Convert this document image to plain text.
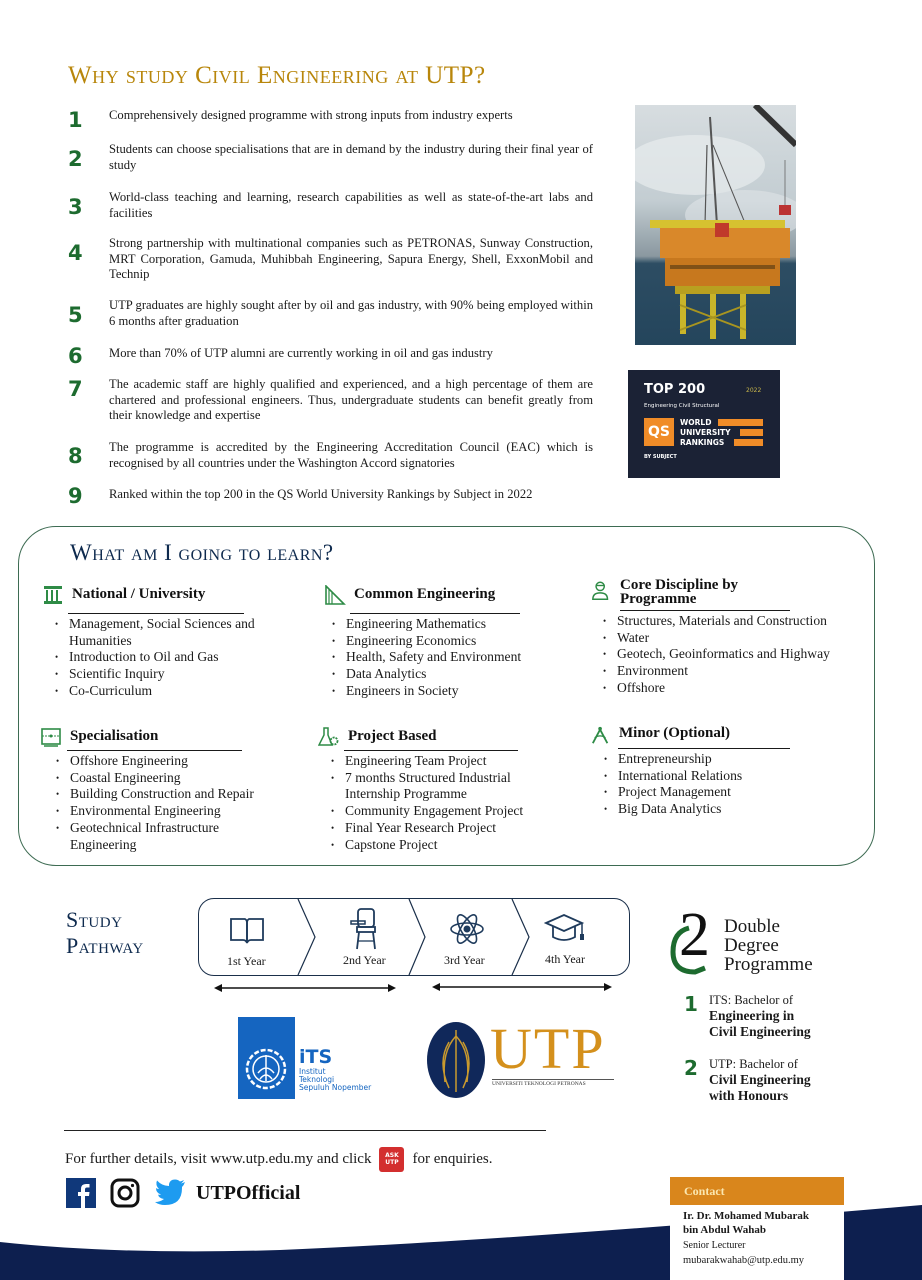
Why study Civil Engineering at UTP?
1	Comprehensively designed programme with strong inputs from industry experts
2	Students can choose specialisations that are in demand by the industry during their final year of study
3	World-class teaching and learning, research capabilities as well as state-of-the-art labs and facilities
4	Strong partnership with multinational companies such as PETRONAS, Sunway Construction, MRT Corporation, Gamuda, Muhibbah Engineering, Sapura Energy, Shell, ExxonMobil and Technip
5	UTP graduates are highly sought after by oil and gas industry, with 90% being employed within 6 months after graduation
6	More than 70% of UTP alumni are currently working in oil and gas industry
7	The academic staff are highly qualified and experienced, and a high percentage of them are chartered and professional engineers. Thus, undergraduate students can benefit greatly from their knowledge and expertise
8	The programme is accredited by the Engineering Accreditation Council (EAC) which is recognised by all countries under the Washington Accord signatories
9	Ranked within the top 200 in the QS World University Rankings by Subject in 2022
TOP 200	2022
Engineering Civil Structural
QS
WORLD
UNIVERSITY
RANKINGS
BY SUBJECT
What am I going to learn?
National / University
• Management, Social Sciences and Humanities
• Introduction to Oil and Gas
• Scientific Inquiry
• Co-Curriculum
Common Engineering
• Engineering Mathematics
• Engineering Economics
• Health, Safety and Environment
• Data Analytics
• Engineers in Society
Core Discipline by
Programme
• Structures, Materials and Construction
• Water
• Geotech, Geoinformatics and Highway
• Environment
• Offshore
Specialisation
• Offshore Engineering
• Coastal Engineering
• Building Construction and Repair
• Environmental Engineering
• Geotechnical Infrastructure Engineering
Project Based
• Engineering Team Project
• 7 months Structured Industrial Internship Programme
• Community Engagement Project
• Final Year Research Project
• Capstone Project
Minor (Optional)
• Entrepreneurship
• International Relations
• Project Management
• Big Data Analytics
Study
Pathway
1st Year	2nd Year	3rd Year	4th Year 2 Double
Degree
Programme
1 ITS: Bachelor of
Engineering in
Civil Engineering
2 UTP: Bachelor of
Civil Engineering
with Honours
iTS
Institut
Teknologi
Sepuluh Nopember
UTP
UNIVERSITI TEKNOLOGI PETRONAS
For further details, visit www.utp.edu.my and click	ASK
UTP for enquiries.
UTPOfficial	Contact
Ir. Dr. Mohamed Mubarak
bin Abdul Wahab
Senior Lecturer
mubarakwahab@utp.edu.my
